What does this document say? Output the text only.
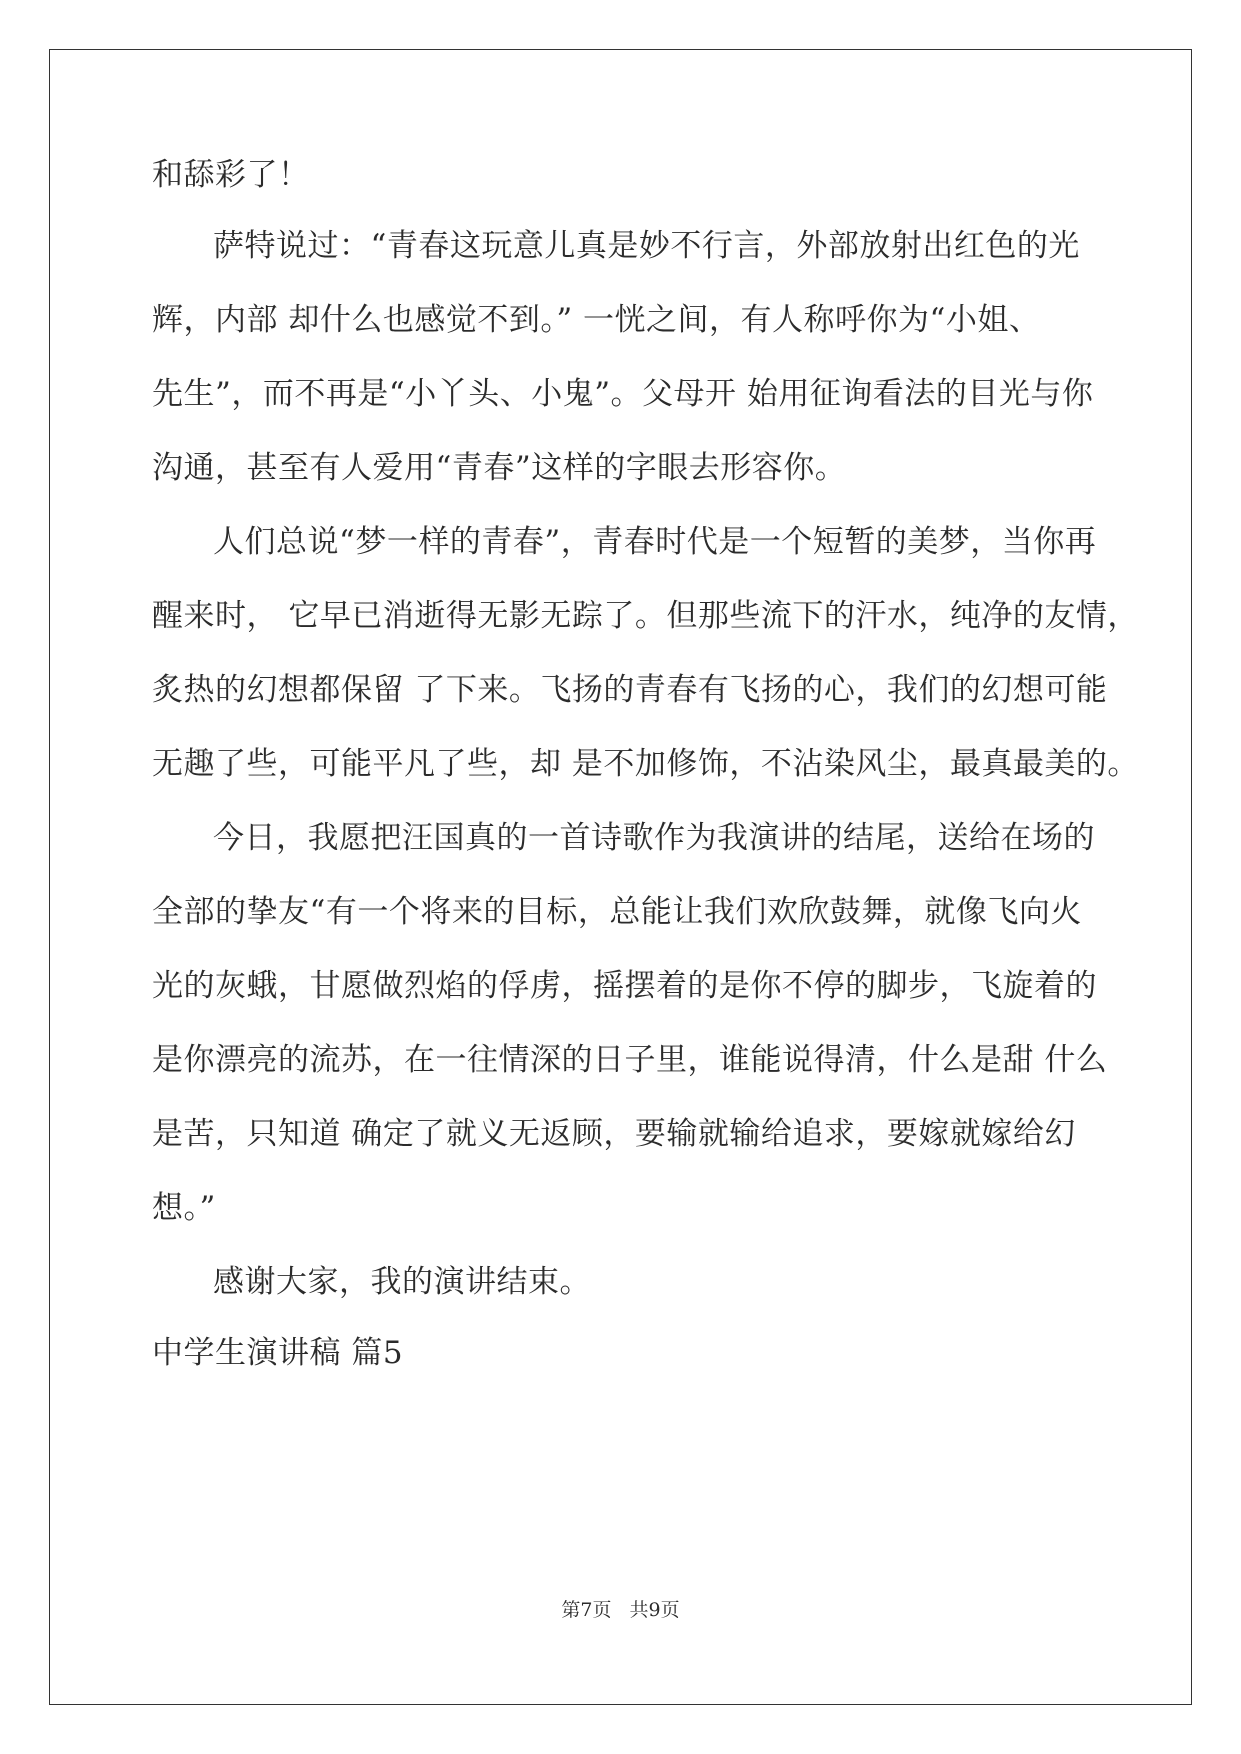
和舔彩了！
萨特说过：“青春这玩意儿真是妙不行言，外部放射出红色的光
辉，内部 却什么也感觉不到。” 一恍之间，有人称呼你为“小姐、
先生”，而不再是“小丫头、小鬼”。父母开 始用征询看法的目光与你
沟通，甚至有人爱用“青春”这样的字眼去形容你。
人们总说“梦一样的青春”，青春时代是一个短暂的美梦，当你再
醒来时， 它早已消逝得无影无踪了。但那些流下的汗水，纯净的友情，
炙热的幻想都保留 了下来。飞扬的青春有飞扬的心，我们的幻想可能
无趣了些，可能平凡了些，却 是不加修饰，不沾染风尘，最真最美的。
今日，我愿把汪国真的一首诗歌作为我演讲的结尾，送给在场的
全部的挚友“有一个将来的目标，总能让我们欢欣鼓舞，就像飞向火
光的灰蛾，甘愿做烈焰的俘虏，摇摆着的是你不停的脚步，飞旋着的
是你漂亮的流苏，在一往情深的日子里，谁能说得清，什么是甜 什么
是苦，只知道 确定了就义无返顾，要输就输给追求，要嫁就嫁给幻
想。”
感谢大家，我的演讲结束。
中学生演讲稿 篇5
第7页 共9页
